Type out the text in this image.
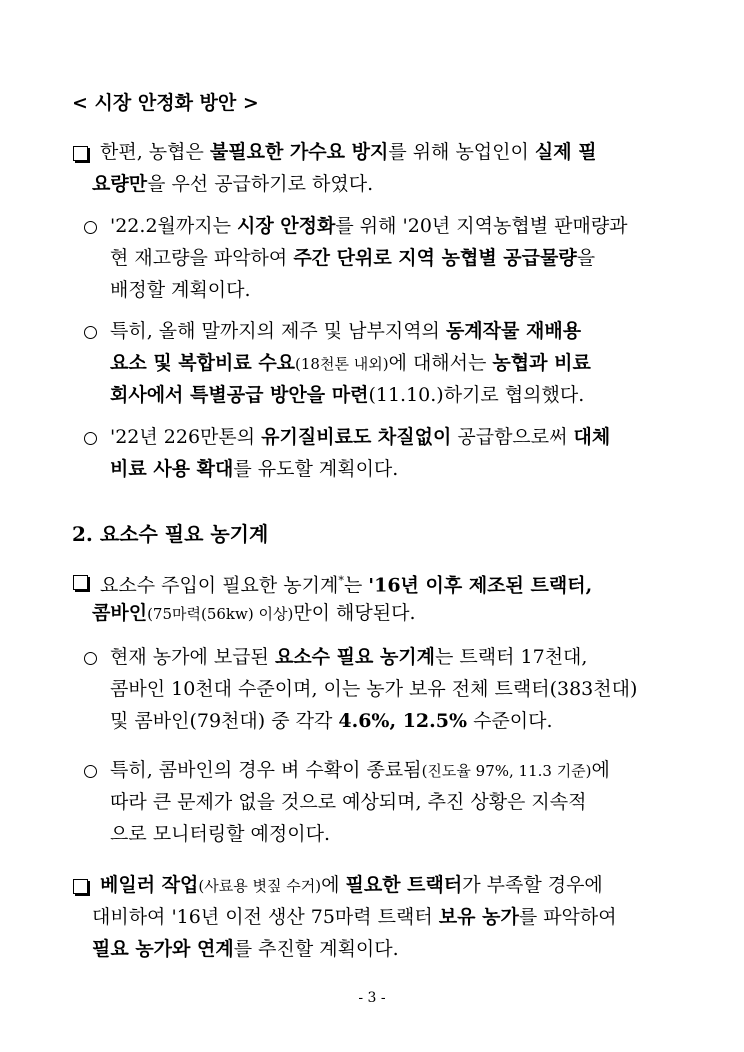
< 시장 안정화 방안 >
한편, 농협은 불필요한 가수요 방지를 위해 농업인이 실제 필
요량만을 우선 공급하기로 하였다.
'22.2월까지는 시장 안정화를 위해 '20년 지역농협별 판매량과
현 재고량을 파악하여 주간 단위로 지역 농협별 공급물량을
배정할 계획이다.
특히, 올해 말까지의 제주 및 남부지역의 동계작물 재배용
요소 및 복합비료 수요(18천톤 내외)에 대해서는 농협과 비료
회사에서 특별공급 방안을 마련(11.10.)하기로 협의했다.
'22년 226만톤의 유기질비료도 차질없이 공급함으로써 대체
비료 사용 확대를 유도할 계획이다.
2. 요소수 필요 농기계
요소수 주입이 필요한 농기계*는 '16년 이후 제조된 트랙터,
콤바인(75마력(56kw) 이상)만이 해당된다.
현재 농가에 보급된 요소수 필요 농기계는 트랙터 17천대,
콤바인 10천대 수준이며, 이는 농가 보유 전체 트랙터(383천대)
및 콤바인(79천대) 중 각각 4.6%, 12.5% 수준이다.
특히, 콤바인의 경우 벼 수확이 종료됨(진도율 97%, 11.3 기준)에
따라 큰 문제가 없을 것으로 예상되며, 추진 상황은 지속적
으로 모니터링할 예정이다.
베일러 작업(사료용 볏짚 수거)에 필요한 트랙터가 부족할 경우에
대비하여 '16년 이전 생산 75마력 트랙터 보유 농가를 파악하여
필요 농가와 연계를 추진할 계획이다.
- 3 -
